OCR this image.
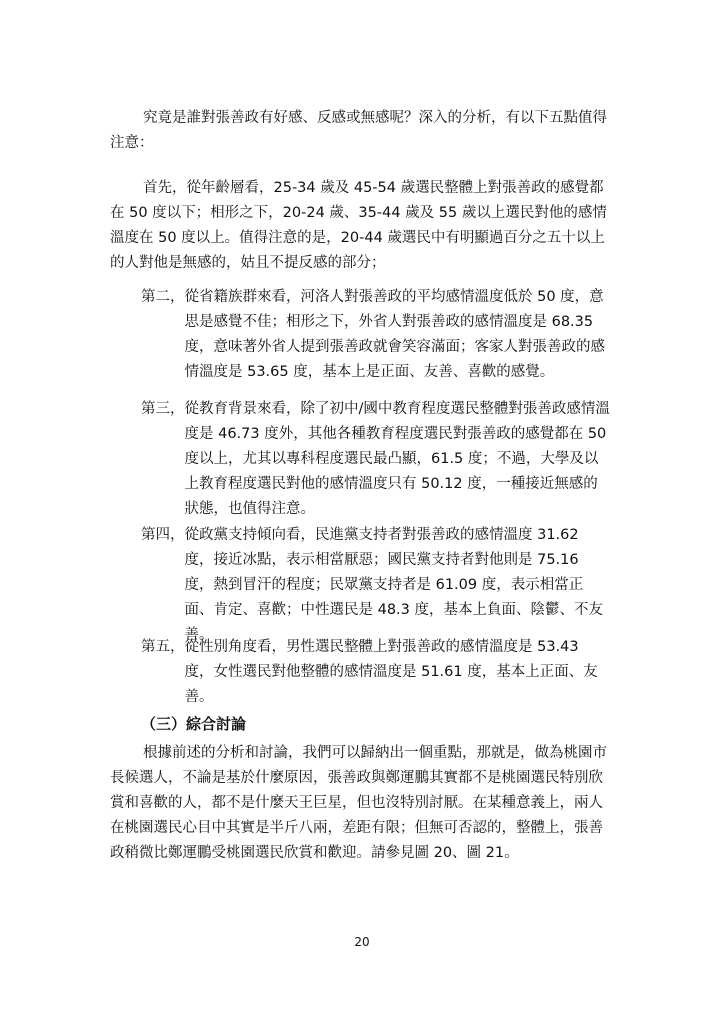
究竟是誰對張善政有好感、反感或無感呢？深入的分析，有以下五點值得注意：

首先，從年齡層看，25-34 歲及 45-54 歲選民整體上對張善政的感覺都在 50 度以下；相形之下，20-24 歲、35-44 歲及 55 歲以上選民對他的感情溫度在 50 度以上。值得注意的是，20-44 歲選民中有明顯過百分之五十以上的人對他是無感的，姑且不提反感的部分；

第二， 從省籍族群來看，河洛人對張善政的平均感情溫度低於 50 度，意思是感覺不佳；相形之下，外省人對張善政的感情溫度是 68.35 度，意味著外省人提到張善政就會笑容滿面；客家人對張善政的感情溫度是 53.65 度，基本上是正面、友善、喜歡的感覺。
第三， 從教育背景來看，除了初中/國中教育程度選民整體對張善政感情溫度是 46.73 度外，其他各種教育程度選民對張善政的感覺都在 50 度以上，尤其以專科程度選民最凸顯，61.5 度；不過，大學及以上教育程度選民對他的感情溫度只有 50.12 度，一種接近無感的狀態，也值得注意。
第四， 從政黨支持傾向看，民進黨支持者對張善政的感情溫度 31.62 度，接近冰點，表示相當厭惡；國民黨支持者對他則是 75.16 度，熱到冒汗的程度；民眾黨支持者是 61.09 度，表示相當正面、肯定、喜歡；中性選民是 48.3 度，基本上負面、陰鬱、不友善。
第五， 從性別角度看，男性選民整體上對張善政的感情溫度是 53.43 度，女性選民對他整體的感情溫度是 51.61 度，基本上正面、友善。
（三）綜合討論

根據前述的分析和討論，我們可以歸納出一個重點，那就是，做為桃園市長候選人，不論是基於什麼原因，張善政與鄭運鵬其實都不是桃園選民特別欣賞和喜歡的人，都不是什麼天王巨星，但也沒特別討厭。在某種意義上，兩人在桃園選民心目中其實是半斤八兩，差距有限；但無可否認的，整體上，張善政稍微比鄭運鵬受桃園選民欣賞和歡迎。請參見圖 20、圖 21。

20
